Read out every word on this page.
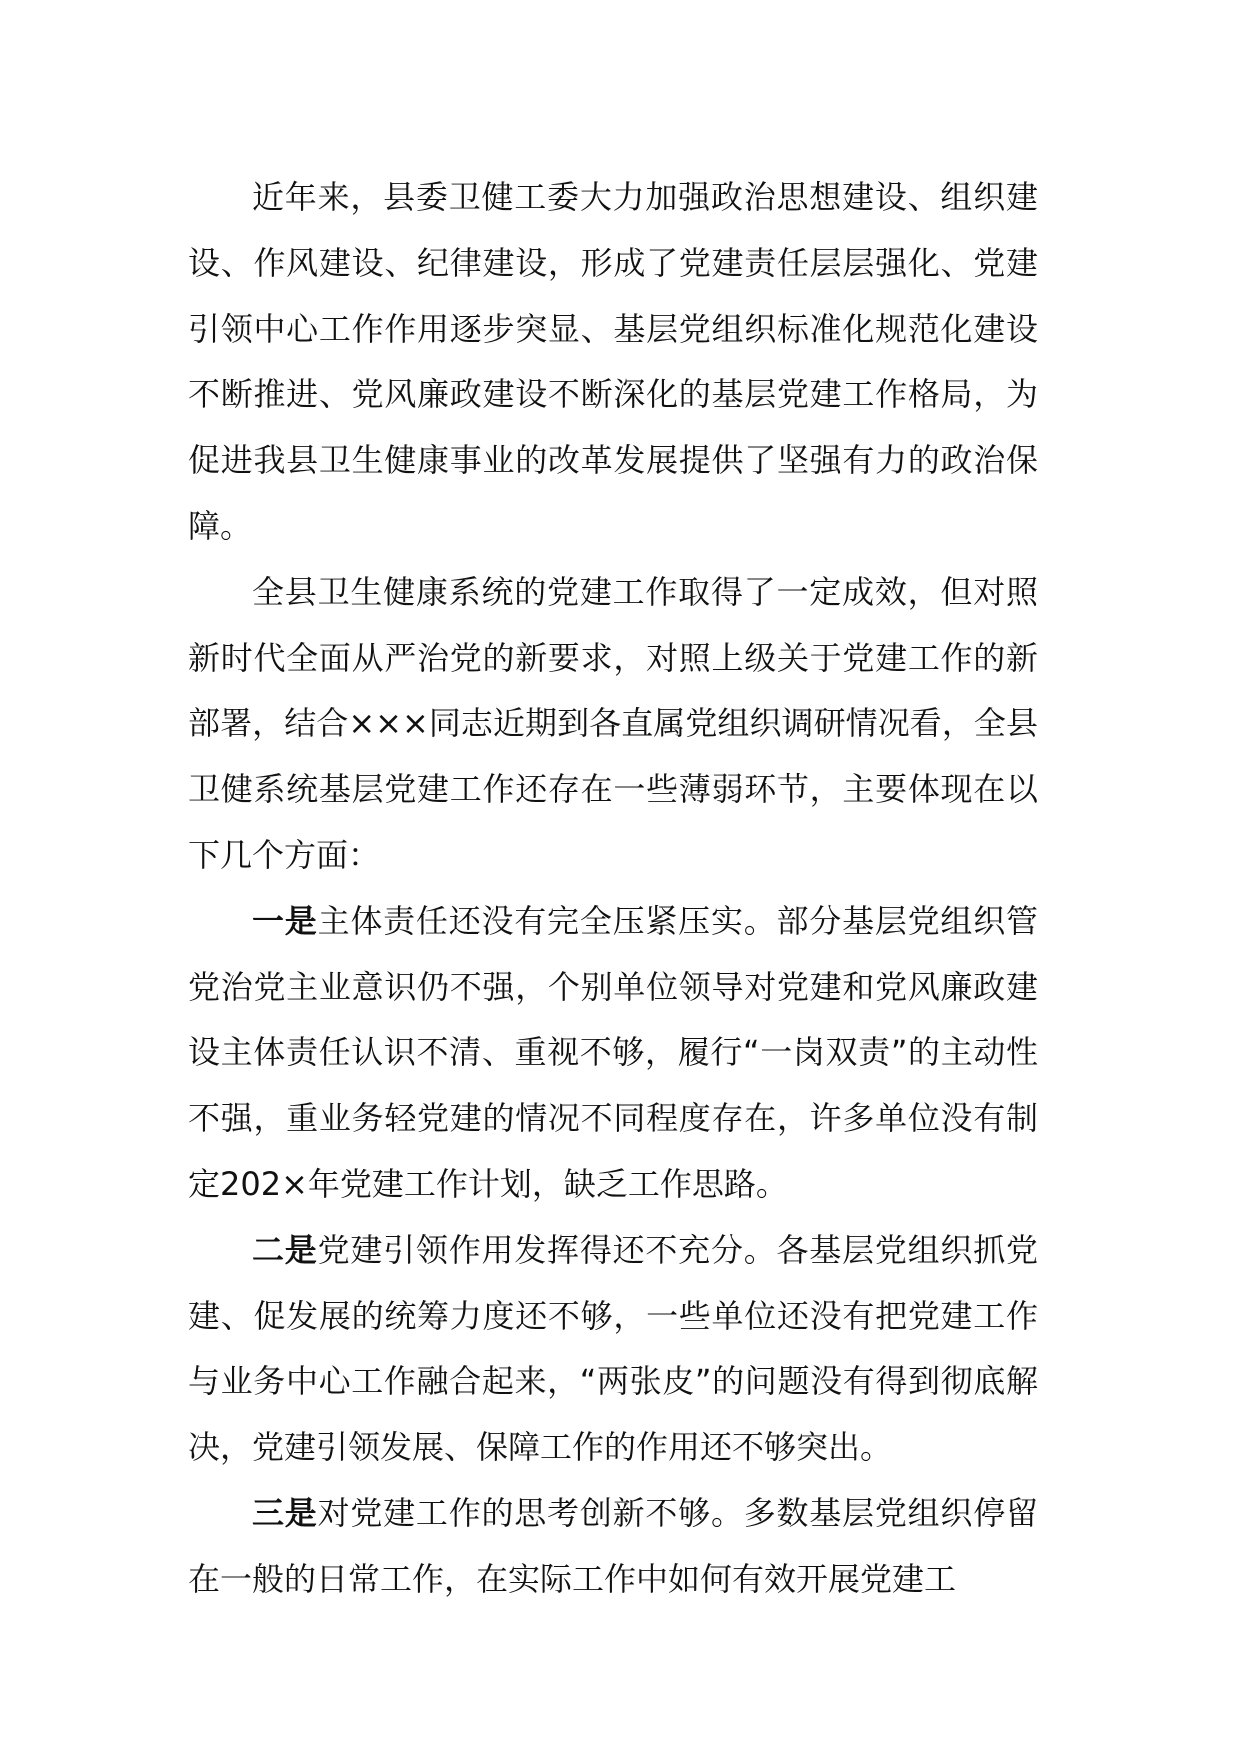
近年来，县委卫健工委大力加强政治思想建设、组织建设、作风建设、纪律建设，形成了党建责任层层强化、党建引领中心工作作用逐步突显、基层党组织标准化规范化建设不断推进、党风廉政建设不断深化的基层党建工作格局，为促进我县卫生健康事业的改革发展提供了坚强有力的政治保障。

全县卫生健康系统的党建工作取得了一定成效，但对照新时代全面从严治党的新要求，对照上级关于党建工作的新部署，结合×××同志近期到各直属党组织调研情况看，全县卫健系统基层党建工作还存在一些薄弱环节，主要体现在以下几个方面：

一是主体责任还没有完全压紧压实。部分基层党组织管党治党主业意识仍不强，个别单位领导对党建和党风廉政建设主体责任认识不清、重视不够，履行“一岗双责”的主动性不强，重业务轻党建的情况不同程度存在，许多单位没有制定202×年党建工作计划，缺乏工作思路。

二是党建引领作用发挥得还不充分。各基层党组织抓党建、促发展的统筹力度还不够，一些单位还没有把党建工作与业务中心工作融合起来，“两张皮”的问题没有得到彻底解决，党建引领发展、保障工作的作用还不够突出。

三是对党建工作的思考创新不够。多数基层党组织停留在一般的日常工作，在实际工作中如何有效开展党建工
